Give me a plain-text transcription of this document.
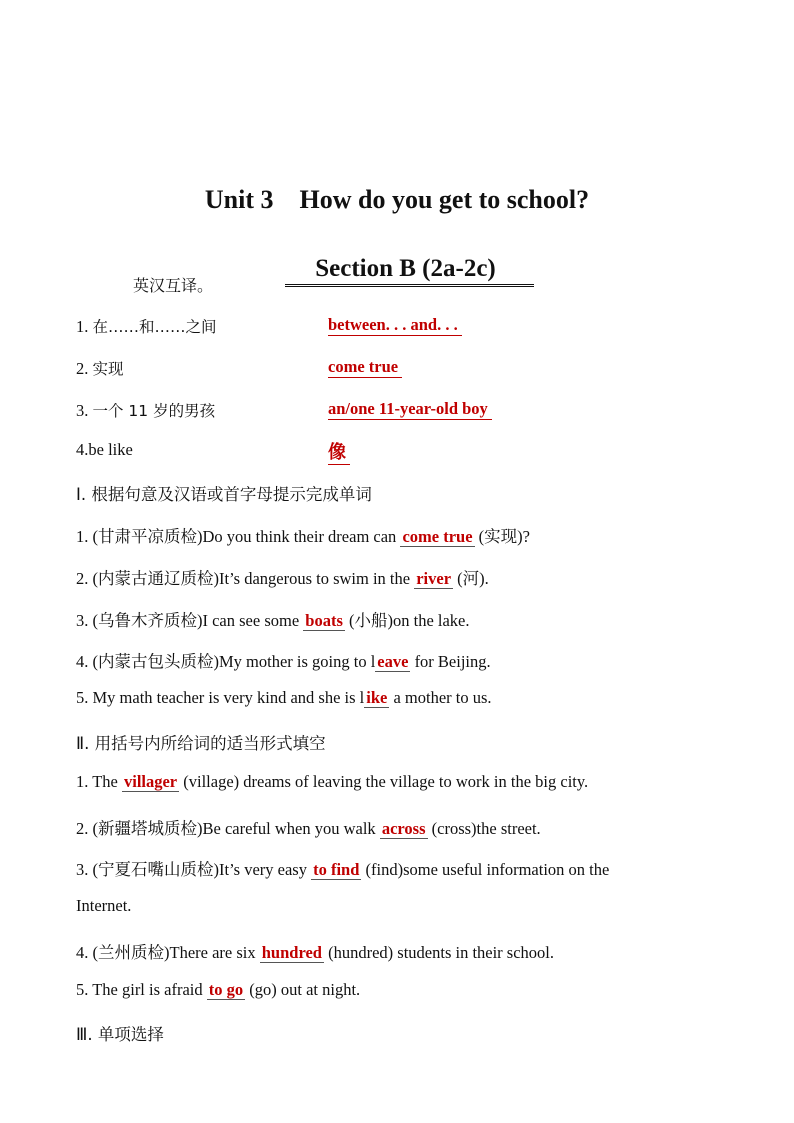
Unit 3    How do you get to school?

Section B (2a-2c)

英汉互译。
1. 在……和……之间	between. . . and. . .
2. 实现	come true
3. 一个 11 岁的男孩	an/one 11-year-old boy
4.be like	像
Ⅰ. 根据句意及汉语或首字母提示完成单词
1. (甘肃平凉质检)Do you think their dream can come true (实现)?
2. (内蒙古通辽质检)It’s dangerous to swim in the river (河).
3. (乌鲁木齐质检)I can see some boats (小船)on the lake.
4. (内蒙古包头质检)My mother is going to l eave for Beijing.
5. My math teacher is very kind and she is l ike a mother to us.
Ⅱ. 用括号内所给词的适当形式填空
1. The villager (village) dreams of leaving the village to work in the big city.
2. (新疆塔城质检)Be careful when you walk across (cross)the street.
3. (宁夏石嘴山质检)It’s very easy to find (find)some useful information on the
Internet.
4. (兰州质检)There are six hundred (hundred) students in their school.
5. The girl is afraid to go (go) out at night.
Ⅲ. 单项选择
